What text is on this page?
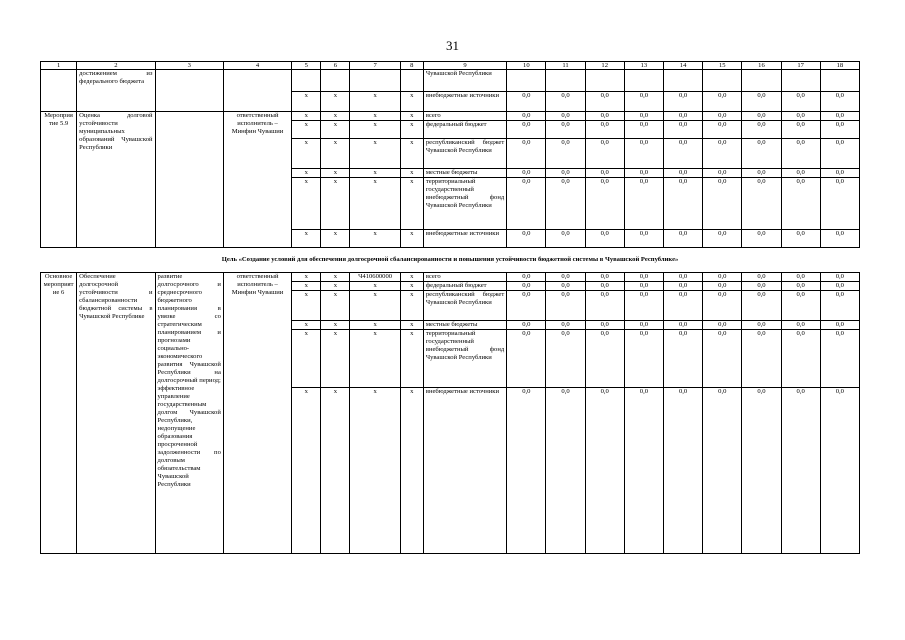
31
1	2	3	4	5	6	7	8	9	10	11	12	13	14	15	16	17	18
	достижением из федерального бюджета							Чувашской Республики									
				х	х	х	х	внебюджетные источники	0,0	0,0	0,0	0,0	0,0	0,0	0,0	0,0	0,0
Мероприятие 5.9	Оценка долговой устойчивости муниципальных образований Чувашской Республики		ответственный исполнитель – Минфин Чувашии	х	х	х	х	всего	0,0	0,0	0,0	0,0	0,0	0,0	0,0	0,0	0,0
				х	х	х	х	федеральный бюджет	0,0	0,0	0,0	0,0	0,0	0,0	0,0	0,0	0,0
				х	х	х	х	республиканский бюджет Чувашской Республики	0,0	0,0	0,0	0,0	0,0	0,0	0,0	0,0	0,0
				х	х	х	х	местные бюджеты	0,0	0,0	0,0	0,0	0,0	0,0	0,0	0,0	0,0
				х	х	х	х	территориальный государственный внебюджетный фонд Чувашской Республики	0,0	0,0	0,0	0,0	0,0	0,0	0,0	0,0	0,0
				х	х	х	х	внебюджетные источники	0,0	0,0	0,0	0,0	0,0	0,0	0,0	0,0	0,0
Цель «Создание условий для обеспечения долгосрочной сбалансированности и повышения устойчивости бюджетной системы в Чувашской Республике»																	
Основное мероприятие 6	Обеспечение долгосрочной устойчивости и сбалансированности бюджетной системы в Чувашской Республике	развитие долгосрочного и среднесрочного бюджетного планирования в увязке со стратегическим планированием и прогнозами социально-экономического развития Чувашской Республики на долгосрочный период; эффективное управление государственным долгом Чувашской Республики, недопущение образования просроченной задолженности по долговым обязательствам Чувашской Республики	ответственный исполнитель – Минфин Чувашии	х	х	Ч410600000	х	всего	0,0	0,0	0,0	0,0	0,0	0,0	0,0	0,0	0,0
				х	х	х	х	федеральный бюджет	0,0	0,0	0,0	0,0	0,0	0,0	0,0	0,0	0,0
				х	х	х	х	республиканский бюджет Чувашской Республики	0,0	0,0	0,0	0,0	0,0	0,0	0,0	0,0	0,0
				х	х	х	х	местные бюджеты	0,0	0,0	0,0	0,0	0,0	0,0	0,0	0,0	0,0
				х	х	х	х	территориальный государственный внебюджетный фонд Чувашской Республики	0,0	0,0	0,0	0,0	0,0	0,0	0,0	0,0	0,0
				х	х	х	х	внебюджетные источники	0,0	0,0	0,0	0,0	0,0	0,0	0,0	0,0	0,0
